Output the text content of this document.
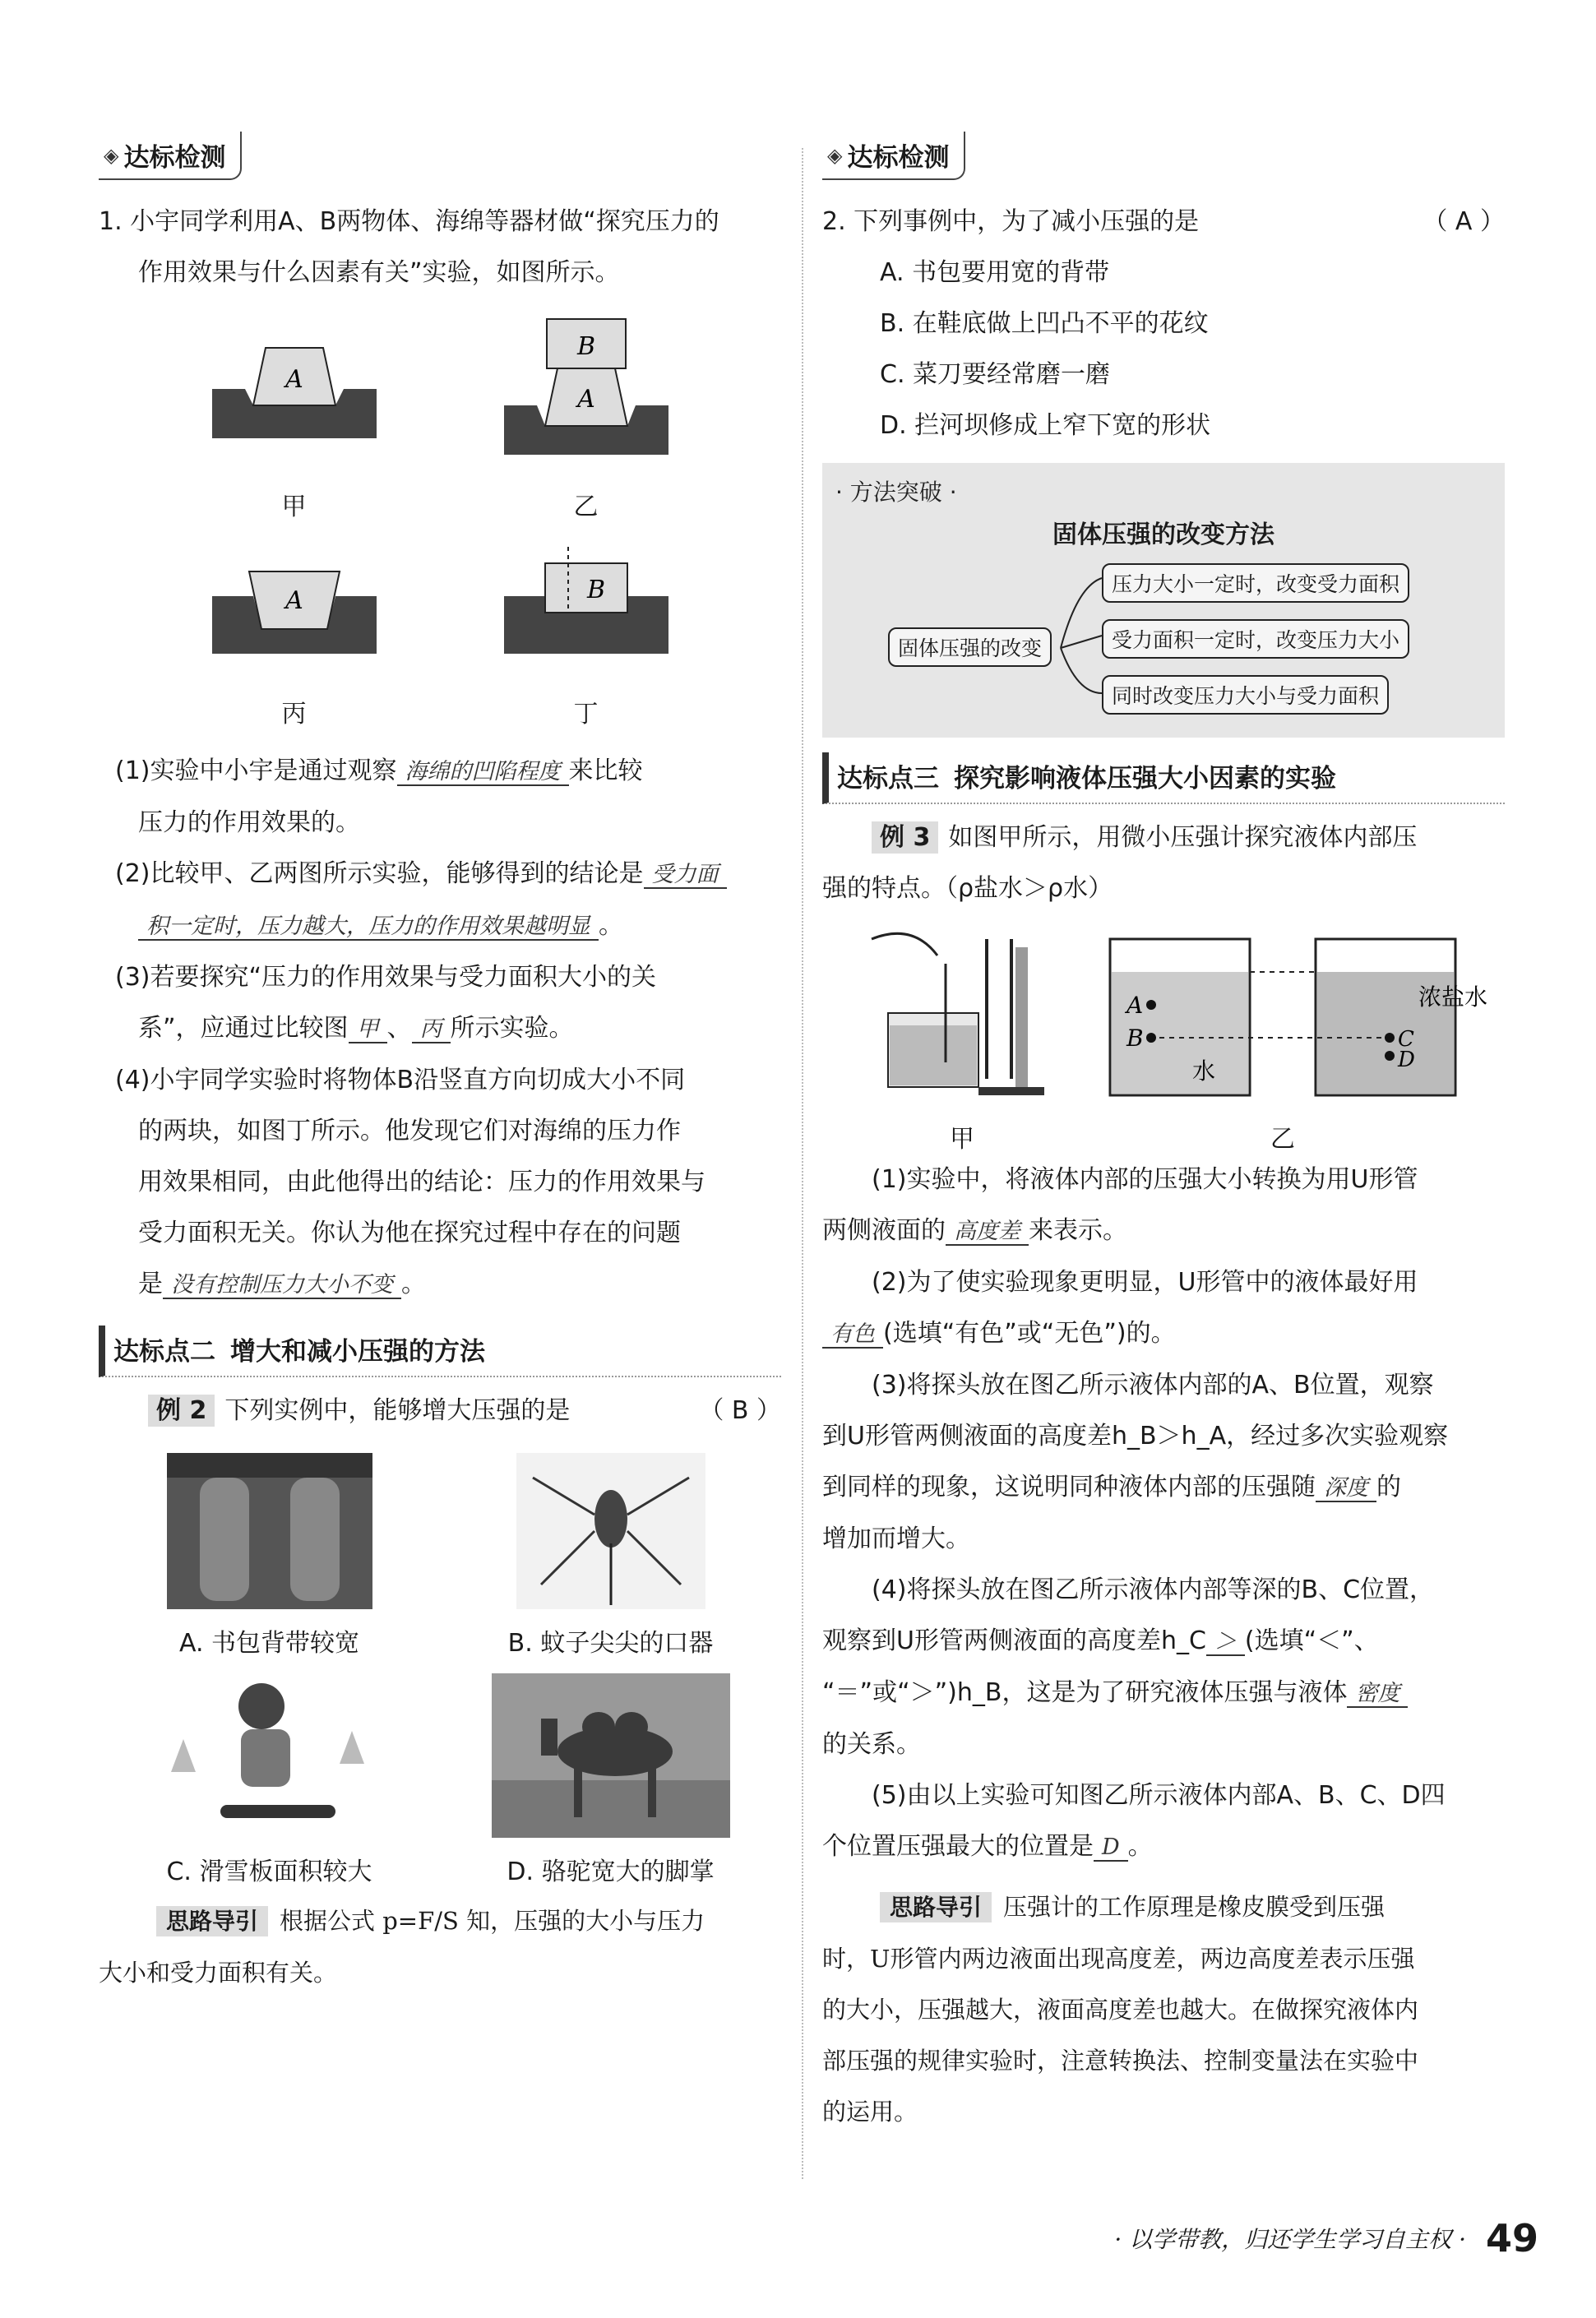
◈ 达标检测

1. 小宇同学利用A、B两物体、海绵等器材做“探究压力的

作用效果与什么因素有关”实验，如图所示。

A
甲
B
A
乙
A
丙
B
丁

(1)实验中小宇是通过观察 海绵的凹陷程度 来比较

压力的作用效果的。

(2)比较甲、乙两图所示实验，能够得到的结论是 受力面

积一定时，压力越大，压力的作用效果越明显 。

(3)若要探究“压力的作用效果与受力面积大小的关

系”，应通过比较图 甲 、 丙 所示实验。

(4)小宇同学实验时将物体B沿竖直方向切成大小不同

的两块，如图丁所示。他发现它们对海绵的压力作

用效果相同，由此他得出的结论：压力的作用效果与

受力面积无关。你认为他在探究过程中存在的问题

是 没有控制压力大小不变 。

达标点二 增大和减小压强的方法

例 2 下列实例中，能够增大压强的是	（ B ）

A. 书包背带较宽	B. 蚊子尖尖的口器
C. 滑雪板面积较大	D. 骆驼宽大的脚掌

思路导引 根据公式 p=F/S 知，压强的大小与压力

大小和受力面积有关。

◈ 达标检测

2. 下列事例中，为了减小压强的是	（ A ）

A. 书包要用宽的背带

B. 在鞋底做上凹凸不平的花纹

C. 菜刀要经常磨一磨

D. 拦河坝修成上窄下宽的形状

· 方法突破 ·
固体压强的改变方法
固体压强的改变
压力大小一定时，改变受力面积
受力面积一定时，改变压力大小
同时改变压力大小与受力面积
达标点三 探究影响液体压强大小因素的实验

例 3 如图甲所示，用微小压强计探究液体内部压

强的特点。（ρ盐水＞ρ水）

甲
A
B	C
D
水
浓盐水
乙

(1)实验中，将液体内部的压强大小转换为用U形管

两侧液面的 高度差 来表示。

(2)为了使实验现象更明显，U形管中的液体最好用

有色 (选填“有色”或“无色”)的。

(3)将探头放在图乙所示液体内部的A、B位置，观察

到U形管两侧液面的高度差h_B＞h_A，经过多次实验观察

到同样的现象，这说明同种液体内部的压强随 深度 的

增加而增大。

(4)将探头放在图乙所示液体内部等深的B、C位置，

观察到U形管两侧液面的高度差h_C ＞ (选填“＜”、

“＝”或“＞”)h_B，这是为了研究液体压强与液体 密度

的关系。

(5)由以上实验可知图乙所示液体内部A、B、C、D四

个位置压强最大的位置是 D 。

思路导引 压强计的工作原理是橡皮膜受到压强

时，U形管内两边液面出现高度差，两边高度差表示压强

的大小，压强越大，液面高度差也越大。在做探究液体内

部压强的规律实验时，注意转换法、控制变量法在实验中

的运用。

· 以学带教，归还学生学习自主权 · 49
